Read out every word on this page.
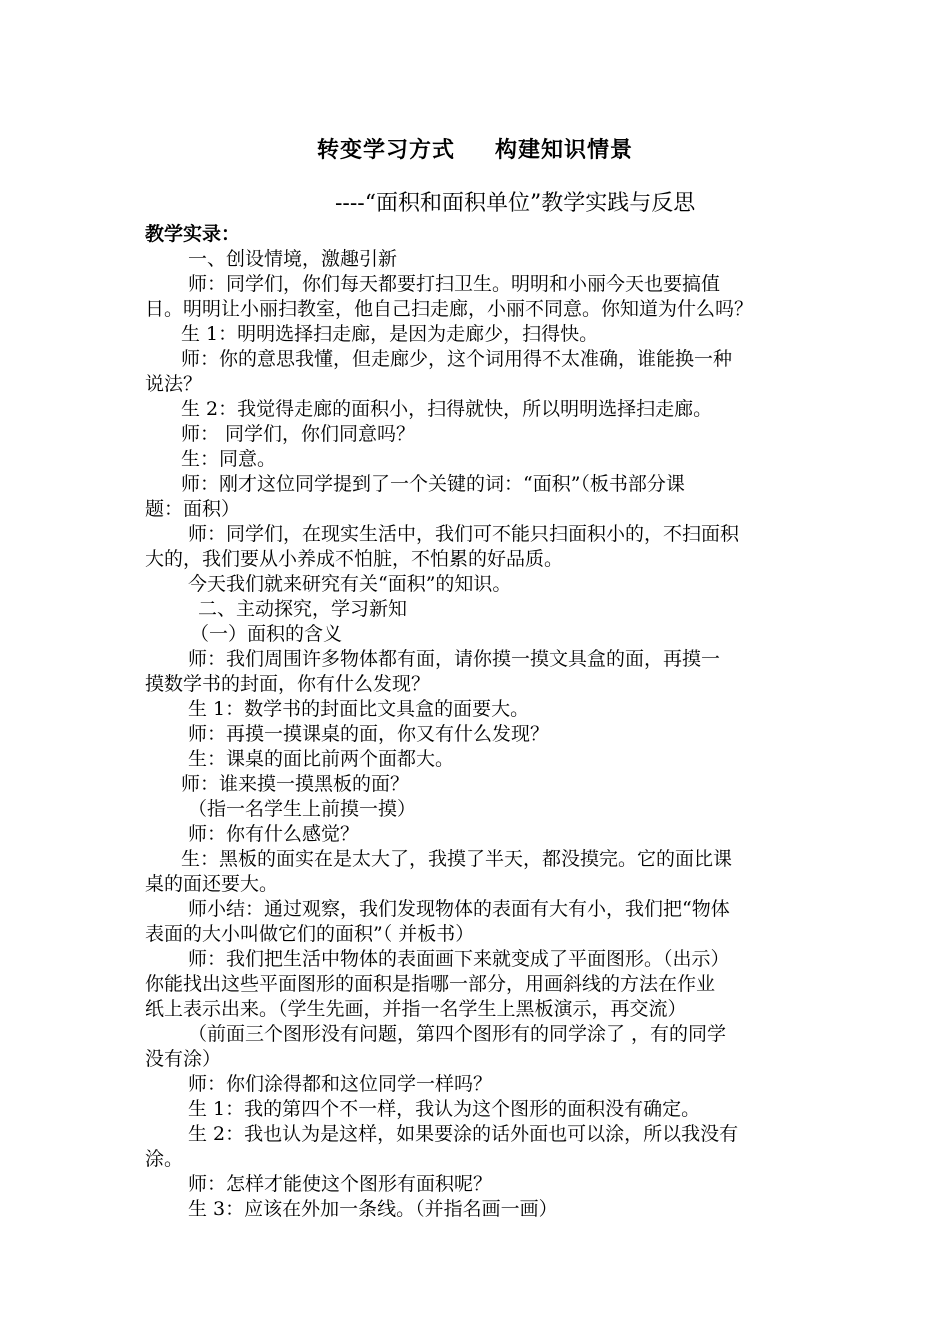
转变学习方式 构建知识情景
----“面积和面积单位”教学实践与反思
教学实录：
一、创设情境，激趣引新
师：同学们，你们每天都要打扫卫生。明明和小丽今天也要搞值
日。明明让小丽扫教室，他自己扫走廊，小丽不同意。你知道为什么吗？
生 1：明明选择扫走廊，是因为走廊少，扫得快。
师：你的意思我懂，但走廊少，这个词用得不太准确，谁能换一种
说法？
生 2：我觉得走廊的面积小，扫得就快，所以明明选择扫走廊。
师： 同学们，你们同意吗？
生：同意。
师：刚才这位同学提到了一个关键的词：“面积”（板书部分课
题：面积）
师：同学们，在现实生活中，我们可不能只扫面积小的，不扫面积
大的，我们要从小养成不怕脏，不怕累的好品质。
今天我们就来研究有关“面积”的知识。
二、主动探究，学习新知
（一）面积的含义
师：我们周围许多物体都有面，请你摸一摸文具盒的面，再摸一
摸数学书的封面，你有什么发现？
生 1：数学书的封面比文具盒的面要大。
师：再摸一摸课桌的面，你又有什么发现？
生：课桌的面比前两个面都大。
师：谁来摸一摸黑板的面？
（指一名学生上前摸一摸）
师：你有什么感觉？
生：黑板的面实在是太大了，我摸了半天，都没摸完。它的面比课
桌的面还要大。
师小结：通过观察，我们发现物体的表面有大有小，我们把“物体
表面的大小叫做它们的面积”（ 并板书）
师：我们把生活中物体的表面画下来就变成了平面图形。（出示）
你能找出这些平面图形的面积是指哪一部分，用画斜线的方法在作业
纸上表示出来。（学生先画，并指一名学生上黑板演示，再交流）
（前面三个图形没有问题，第四个图形有的同学涂了 ，有的同学
没有涂）
师：你们涂得都和这位同学一样吗？
生 1：我的第四个不一样，我认为这个图形的面积没有确定。
生 2：我也认为是这样，如果要涂的话外面也可以涂，所以我没有
涂。
师：怎样才能使这个图形有面积呢？
生 3：应该在外加一条线。（并指名画一画）
